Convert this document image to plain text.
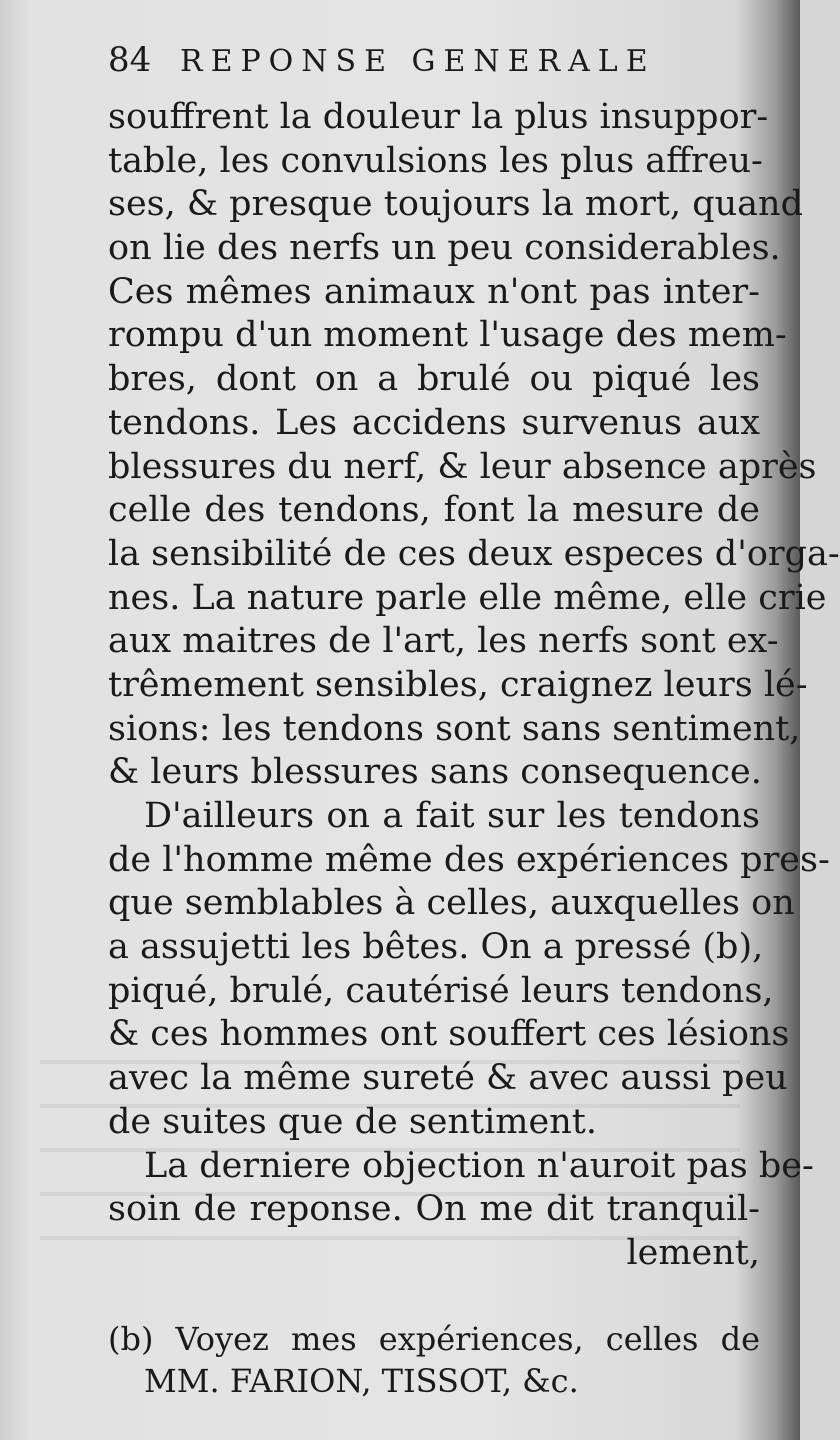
84 REPONSE GENERALE
souffrent la douleur la plus insuppor-
table, les convulsions les plus affreu-
ses, & presque toujours la mort, quand
on lie des nerfs un peu considerables.
Ces mêmes animaux n'ont pas inter-
rompu d'un moment l'usage des mem-
bres, dont on a brulé ou piqué les
tendons. Les accidens survenus aux
blessures du nerf, & leur absence après
celle des tendons, font la mesure de
la sensibilité de ces deux especes d'orga-
nes. La nature parle elle même, elle crie
aux maitres de l'art, les nerfs sont ex-
trêmement sensibles, craignez leurs lé-
sions: les tendons sont sans sentiment,
& leurs blessures sans consequence.
D'ailleurs on a fait sur les tendons
de l'homme même des expériences pres-
que semblables à celles, auxquelles on
a assujetti les bêtes. On a pressé (b),
piqué, brulé, cautérisé leurs tendons,
& ces hommes ont souffert ces lésions
avec la même sureté & avec aussi peu
de suites que de sentiment.
La derniere objection n'auroit pas be-
soin de reponse. On me dit tranquil-
lement,
(b) Voyez mes expériences, celles de
MM. FARION, TISSOT, &c.
